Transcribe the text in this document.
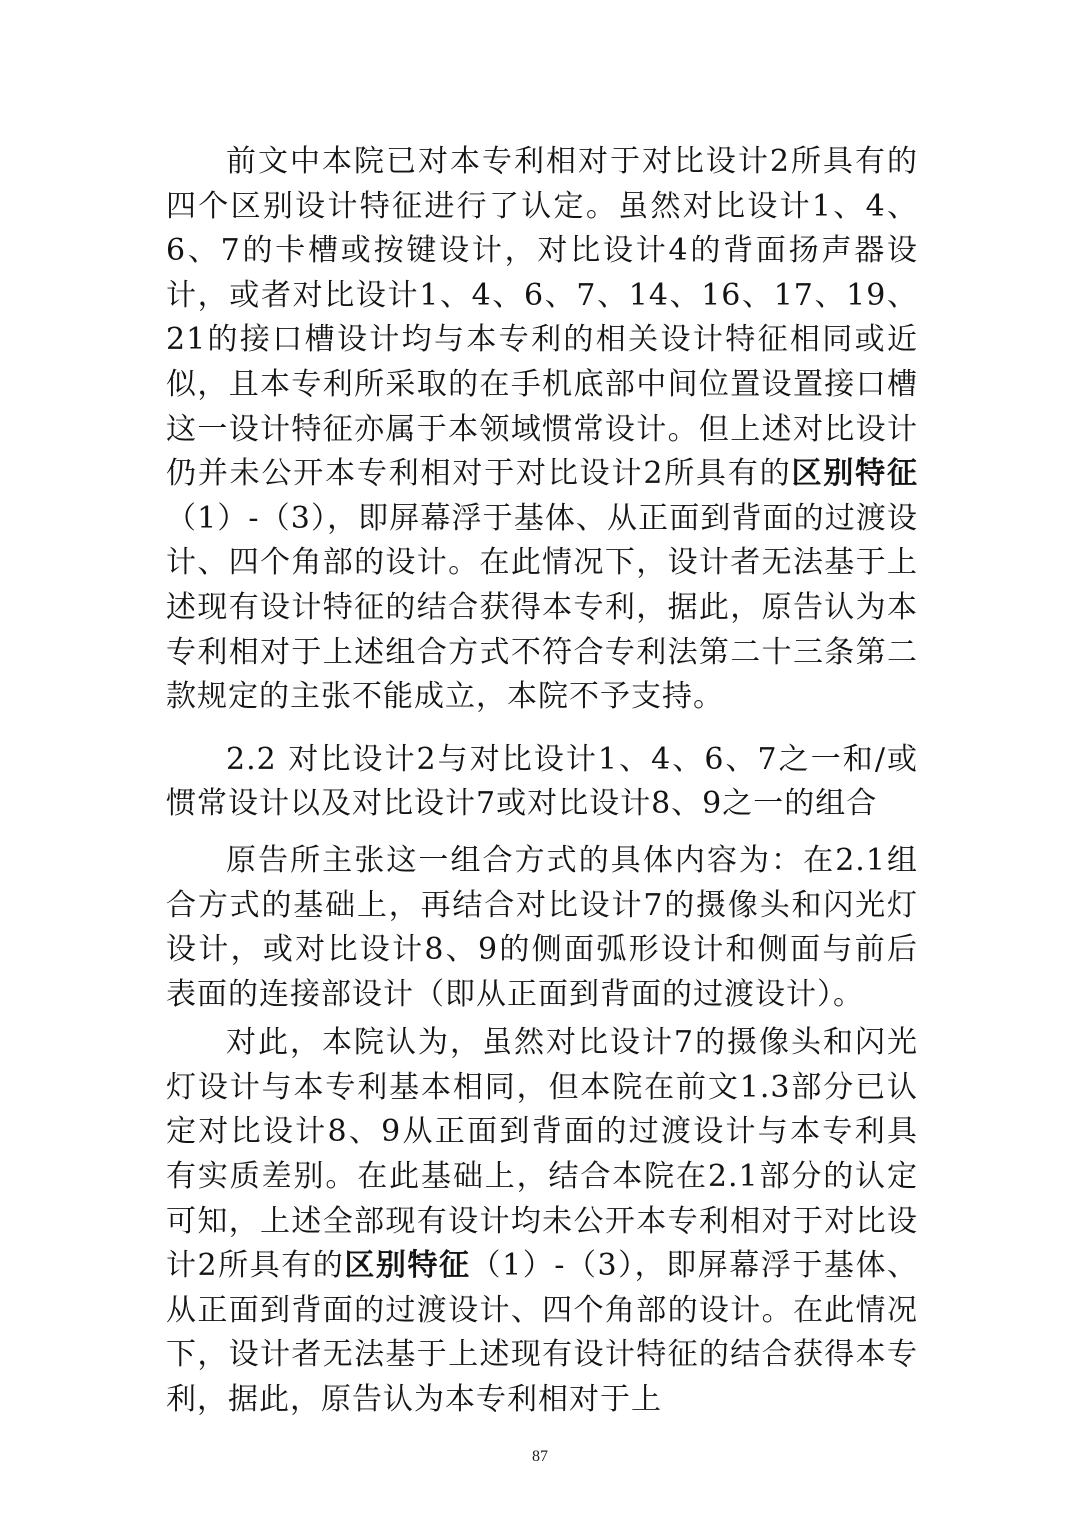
前文中本院已对本专利相对于对比设计2所具有的四个区别设计特征进行了认定。虽然对比设计1、4、6、7的卡槽或按键设计，对比设计4的背面扬声器设计，或者对比设计1、4、6、7、14、16、17、19、21的接口槽设计均与本专利的相关设计特征相同或近似，且本专利所采取的在手机底部中间位置设置接口槽这一设计特征亦属于本领域惯常设计。但上述对比设计仍并未公开本专利相对于对比设计2所具有的区别特征（1）-（3），即屏幕浮于基体、从正面到背面的过渡设计、四个角部的设计。在此情况下，设计者无法基于上述现有设计特征的结合获得本专利，据此，原告认为本专利相对于上述组合方式不符合专利法第二十三条第二款规定的主张不能成立，本院不予支持。

2.2 对比设计2与对比设计1、4、6、7之一和/或惯常设计以及对比设计7或对比设计8、9之一的组合

原告所主张这一组合方式的具体内容为：在2.1组合方式的基础上，再结合对比设计7的摄像头和闪光灯设计，或对比设计8、9的侧面弧形设计和侧面与前后表面的连接部设计（即从正面到背面的过渡设计）。

对此，本院认为，虽然对比设计7的摄像头和闪光灯设计与本专利基本相同，但本院在前文1.3部分已认定对比设计8、9从正面到背面的过渡设计与本专利具有实质差别。在此基础上，结合本院在2.1部分的认定可知，上述全部现有设计均未公开本专利相对于对比设计2所具有的区别特征（1）-（3），即屏幕浮于基体、从正面到背面的过渡设计、四个角部的设计。在此情况下，设计者无法基于上述现有设计特征的结合获得本专利，据此，原告认为本专利相对于上

87
